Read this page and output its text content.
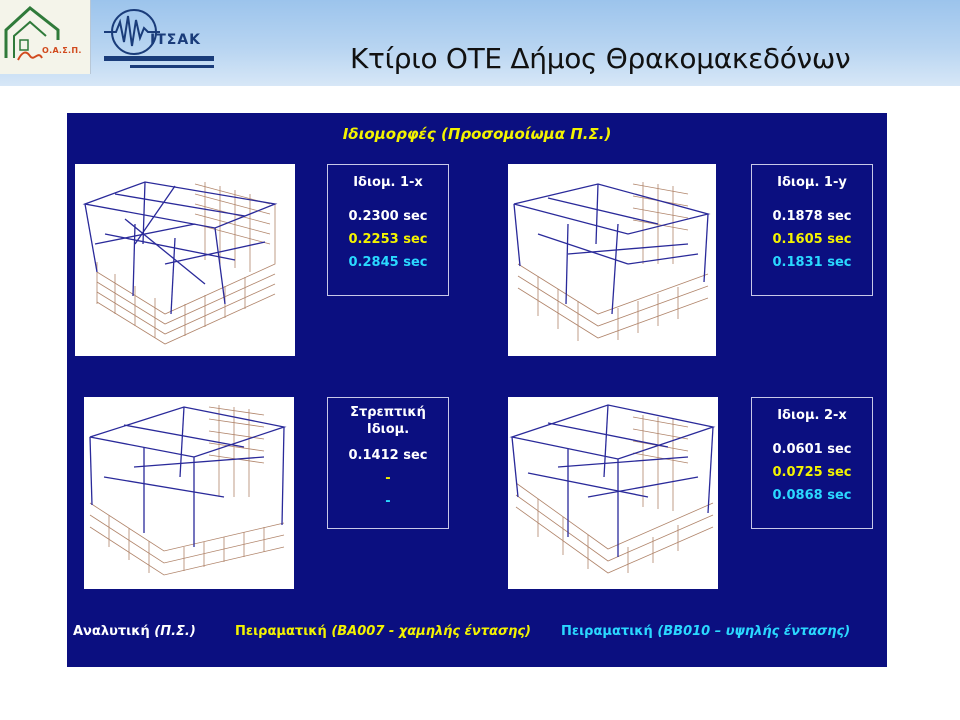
Ο.Α.Σ.Π.
ΙΤΣΑΚ
Κτίριο ΟΤΕ Δήμος Θρακομακεδόνων
Ιδιομορφές (Προσομοίωμα Π.Σ.)
Ιδιομ. 1-x
0.2300 sec
0.2253 sec
0.2845 sec
Ιδιομ. 1-y
0.1878 sec
0.1605 sec
0.1831 sec
Στρεπτική
Ιδιομ.
0.1412 sec
-
-
Ιδιομ. 2-x
0.0601 sec
0.0725 sec
0.0868 sec
Αναλυτική (Π.Σ.)	Πειραματική (BA007 - χαμηλής έντασης) Πειραματική (BB010 – υψηλής έντασης)
